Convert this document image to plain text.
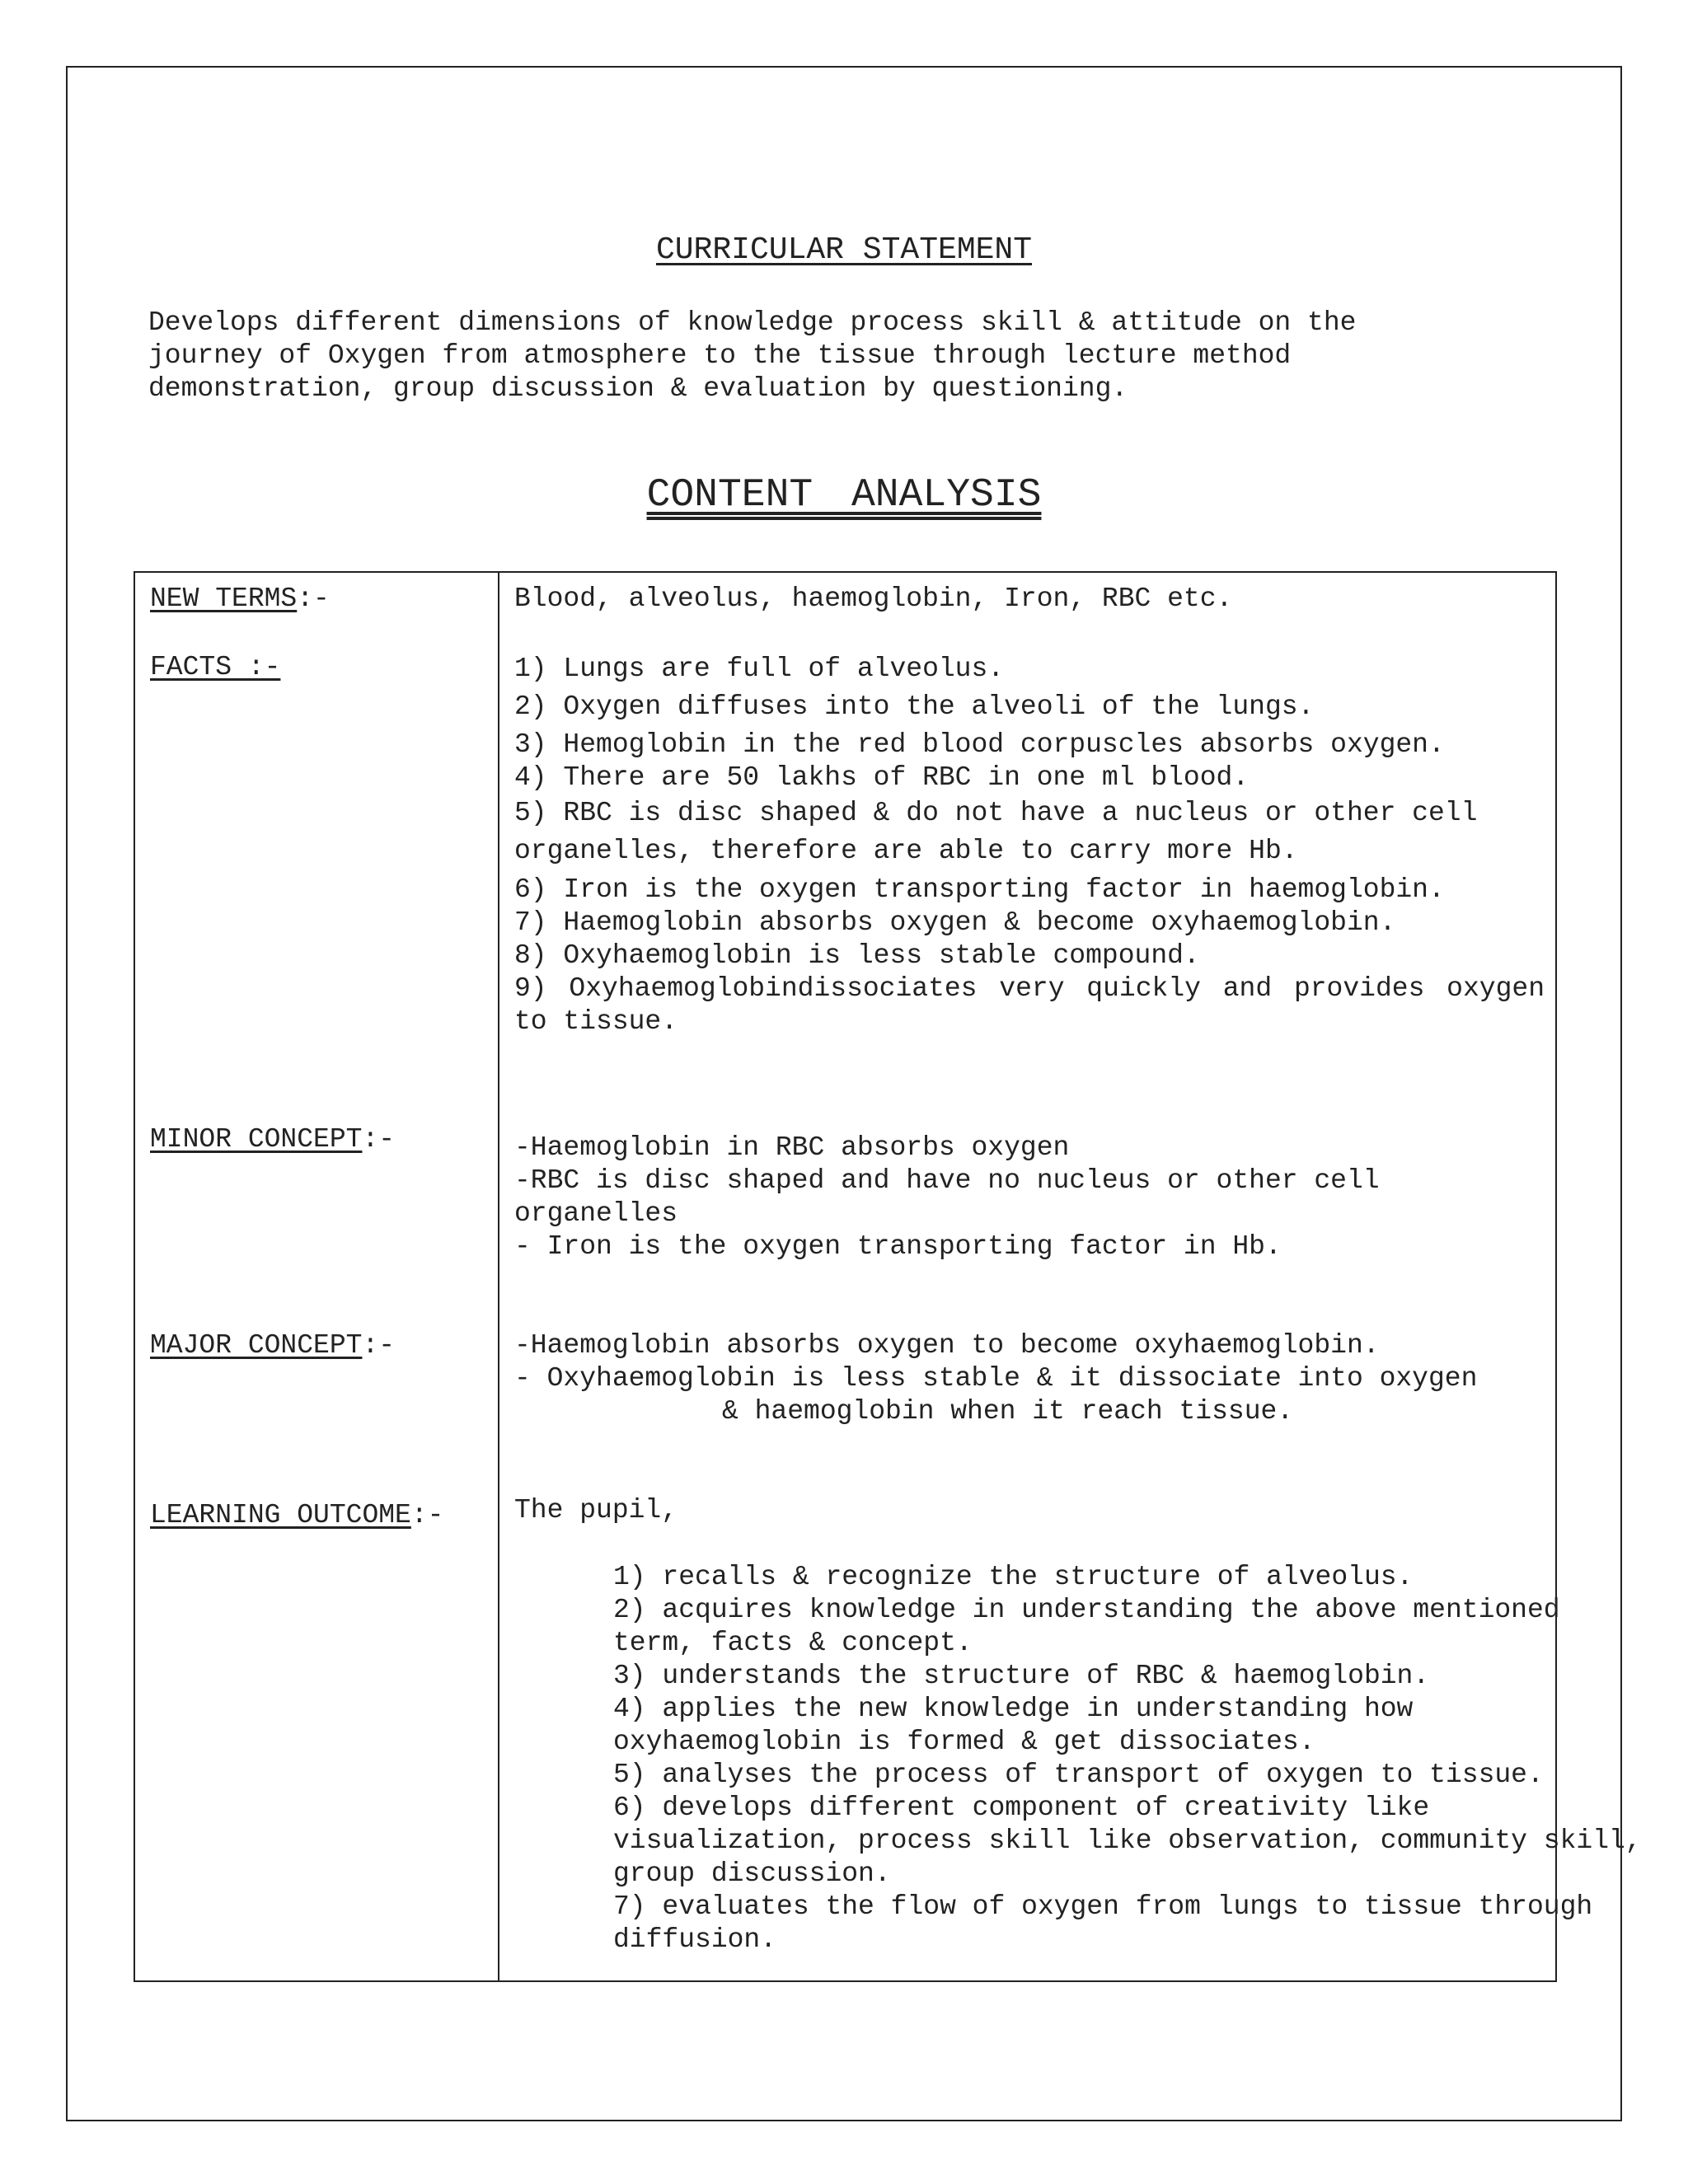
CURRICULAR STATEMENT
Develops different dimensions of knowledge process skill & attitude on the
journey of Oxygen from atmosphere to the tissue through lecture method
demonstration, group discussion & evaluation by questioning.
CONTENT ANALYSIS
NEW TERMS:-	Blood, alveolus, haemoglobin, Iron, RBC etc.
FACTS :-	1) Lungs are full of alveolus.

2) Oxygen diffuses into the alveoli of the lungs.

3) Hemoglobin in the red blood corpuscles absorbs oxygen.

4) There are 50 lakhs of RBC in one ml blood.

5) RBC is disc shaped & do not have a nucleus or other cell organelles, therefore are able to carry more Hb.

6) Iron is the oxygen transporting factor in haemoglobin.

7) Haemoglobin absorbs oxygen & become oxyhaemoglobin.

8) Oxyhaemoglobin is less stable compound.

9) Oxyhaemoglobindissociates very quickly and provides oxygen to tissue.

MINOR CONCEPT:-	-Haemoglobin in RBC absorbs oxygen

-RBC is disc shaped and have no nucleus or other cell organelles

- Iron is the oxygen transporting factor in Hb.

MAJOR CONCEPT:-	-Haemoglobin absorbs oxygen to become oxyhaemoglobin.

- Oxyhaemoglobin is less stable & it dissociate into oxygen

& haemoglobin when it reach tissue.

LEARNING OUTCOME:-	The pupil,

1) recalls & recognize the structure of alveolus.

2) acquires knowledge in understanding the above mentioned term, facts & concept.

3) understands the structure of RBC & haemoglobin.

4) applies the new knowledge in understanding how oxyhaemoglobin is formed & get dissociates.

5) analyses the process of transport of oxygen to tissue.

6) develops different component of creativity like visualization, process skill like observation, community skill, group discussion.

7) evaluates the flow of oxygen from lungs to tissue through diffusion.
